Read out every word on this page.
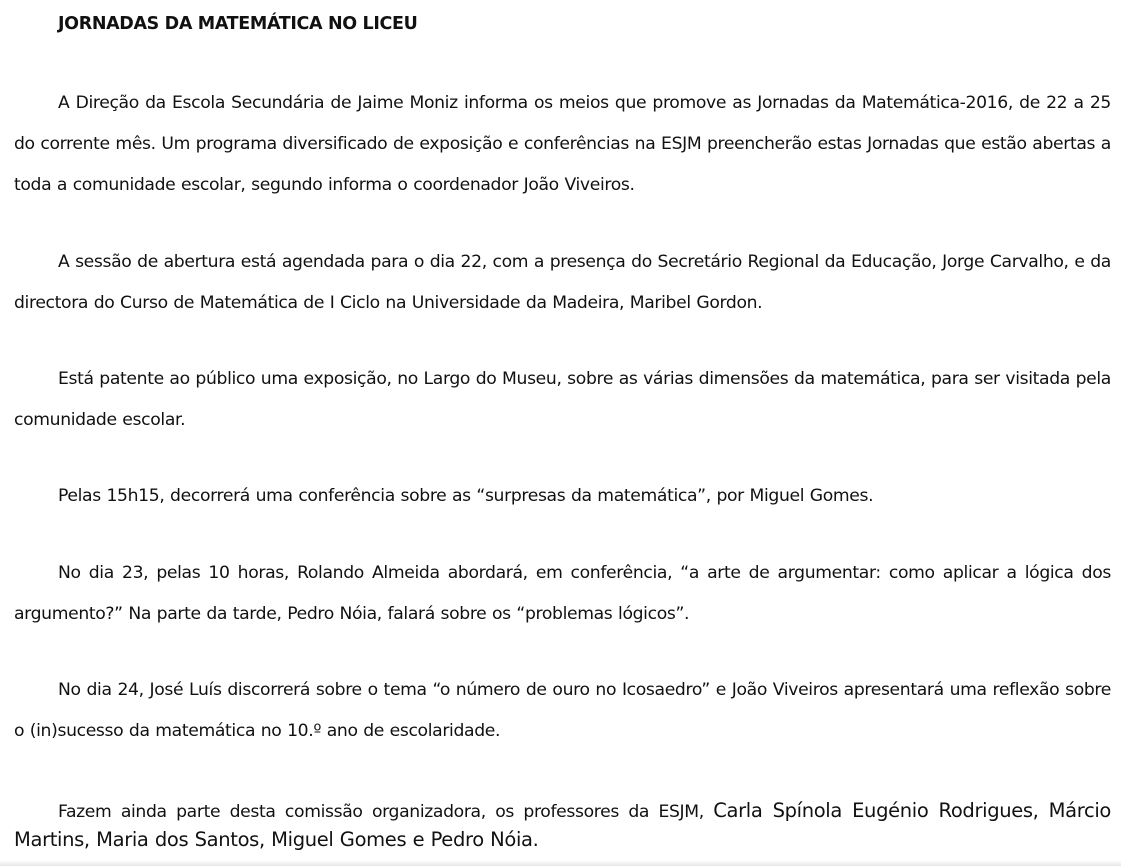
JORNADAS DA MATEMÁTICA NO LICEU

A Direção da Escola Secundária de Jaime Moniz informa os meios que promove as Jornadas da Matemática-2016, de 22 a 25 do corrente mês. Um programa diversificado de exposição e conferências na ESJM preencherão estas Jornadas que estão abertas a toda a comunidade escolar, segundo informa o coordenador João Viveiros.

A sessão de abertura está agendada para o dia 22, com a presença do Secretário Regional da Educação, Jorge Carvalho, e da directora do Curso de Matemática de I Ciclo na Universidade da Madeira, Maribel Gordon.

Está patente ao público uma exposição, no Largo do Museu, sobre as várias dimensões da matemática, para ser visitada pela comunidade escolar.

Pelas 15h15, decorrerá uma conferência sobre as “surpresas da matemática”, por Miguel Gomes.

No dia 23, pelas 10 horas, Rolando Almeida abordará, em conferência, “a arte de argumentar: como aplicar a lógica dos argumento?” Na parte da tarde, Pedro Nóia, falará sobre os “problemas lógicos”.

No dia 24, José Luís discorrerá sobre o tema “o número de ouro no Icosaedro” e João Viveiros apresentará uma reflexão sobre o (in)sucesso da matemática no 10.º ano de escolaridade.

Fazem ainda parte desta comissão organizadora, os professores da ESJM, Carla Spínola Eugénio Rodrigues, Márcio Martins, Maria dos Santos, Miguel Gomes e Pedro Nóia.
